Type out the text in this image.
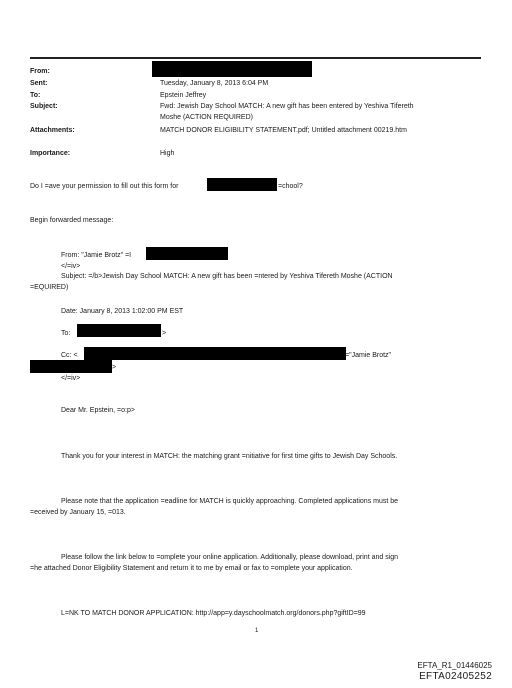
From:
Sent:	Tuesday, January 8, 2013 6:04 PM
To:	Epstein Jeffrey
Subject:	Fwd: Jewish Day School MATCH: A new gift has been entered by Yeshiva Tifereth
Moshe (ACTION REQUIRED)
Attachments:	MATCH DONOR ELIGIBILITY STATEMENT.pdf; Untitled attachment 00219.htm
Importance:	High
Do I =ave your permission to fill out this form for	=chool?
Begin forwarded message:
From: "Jamie Brotz" =I
</=iv>
Subject: =/b>Jewish Day School MATCH: A new gift has been =ntered by Yeshiva Tifereth Moshe (ACTION
=EQUIRED)
Date: January 8, 2013 1:02:00 PM EST
To:	>
Cc: <	="Jamie Brotz"
>
</=iv>
Dear Mr. Epstein, =o:p>
Thank you for your interest in MATCH: the matching grant =nitiative for first time gifts to Jewish Day Schools.
Please note that the application =eadline for MATCH is quickly approaching. Completed applications must be
=eceived by January 15, =013.
Please follow the link below to =omplete your online application. Additionally, please download, print and sign
=he attached Donor Eligibility Statement and return it to me by email or fax to =omplete your application.
L=NK TO MATCH DONOR APPLICATION: http://app=y.dayschoolmatch.org/donors.php?giftID=99
1
EFTA_R1_01446025
EFTA02405252
